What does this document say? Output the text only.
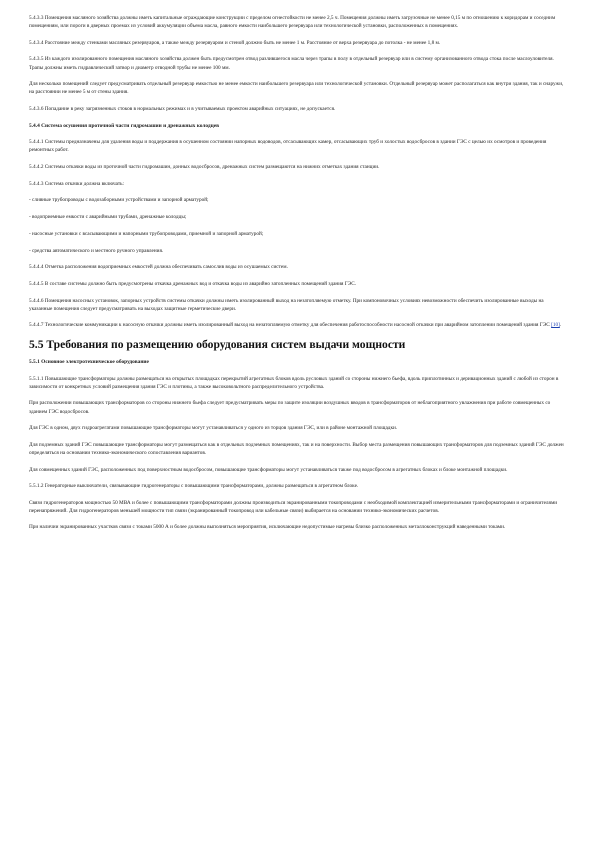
5.4.3.3 Помещения масляного хозяйства должны иметь капитальные ограждающие конструкции с пределом огнестойкости не менее 2,5 ч. Помещения должны иметь загрузочные не менее 0,15 м по отношению к коридорам и соседним помещениям, или пороги в дверных проемах из условий аккумуляции объема масла, равного емкости наибольшего резервуара или технологической установки, расположенных в помещениях.

5.4.3.4 Расстояние между стенками масляных резервуаров, а также между резервуаром и стеной должно быть не менее 1 м. Расстояние от верха резервуара до потолка - не менее 1,8 м.

5.4.3.5 Из каждого изолированного помещения масляного хозяйства должен быть предусмотрен отвод разлившегося масла через трапы в полу в отдельный резервуар или в систему организованного отвода стока после маслоуловителя. Трапы должны иметь гидравлический затвор и диаметр отводной трубы не менее 100 мм.

Для несколько помещений следует предусматривать отдельный резервуар емкостью не менее емкости наибольшего резервуара или технологической установки. Отдельный резервуар может располагаться как внутри здания, так и снаружи, на расстоянии не менее 5 м от стены здания.

5.4.3.6 Попадание в реку загрязненных стоков в нормальных режимах и в учитываемых проектом аварийных ситуациях, не допускается.

5.4.4 Система осушения проточной части гидромашин и дренажных колодцев

5.4.4.1 Системы предназначены для удаления воды и поддержания в осушенном состоянии напорных водоводов, отсасывающих камер, отсасывающих труб и холостых водосбросов в здании ГЭС с целью их осмотров и проведения ремонтных работ.

5.4.4.2 Системы откачки воды из проточной части гидромашин, донных водосбросов, дренажных систем размещаются на нижних отметках здания станции.

5.4.4.3 Система откачки должна включать:

- сливные трубопроводы с водозаборными устройствами и запорной арматурой;

- водоприемные емкости с аварийными трубами, дренажные колодцы;

- насосные установки с всасывающими и напорными трубопроводами, приемной и запорной арматурой;

- средства автоматического и местного ручного управления.

5.4.4.4 Отметка расположения водоприемных емкостей должна обеспечивать самослив воды из осушаемых систем.

5.4.4.5 В составе системы должно быть предусмотрены откачка дренажных вод и откачка воды из аварийно затопленных помещений здания ГЭС.

5.4.4.6 Помещения насосных установок, запорных устройств системы откачки должны иметь изолированный выход на незатопляемую отметку. При компоновочных условиях невозможности обеспечить изолированные выходы на указанные помещения следует предусматривать на выходах защитные герметические двери.

5.4.4.7 Технологические коммуникации к насосную откачки должны иметь изолированный выход на незатопляемую отметку для обеспечения работоспособности насосной откачки при аварийном затоплении помещений здания ГЭС [10].

5.5 Требования по размещению оборудования систем выдачи мощности

5.5.1 Основное электротехническое оборудование

5.5.1.1 Повышающие трансформаторы должны размещаться на открытых площадках перекрытий агрегатных блоков вдоль русловых зданий со стороны нижнего бьефа, вдоль приплотинных и деривационных зданий с любой из сторон в зависимости от конкретных условий размещения здания ГЭС и плотины, а также высоковольтного распределительного устройства.

При расположении повышающих трансформаторов со стороны нижнего бьефа следует предусматривать меры по защите изоляции воздушных вводов в трансформаторов от неблагоприятного увлажнения при работе совмещенных со зданием ГЭС водосбросов.

Для ГЭС в одном, двух гидроагрегатами повышающие трансформаторы могут устанавливаться у одного из торцов здания ГЭС, или в районе монтажной площадки.

Для подземных зданий ГЭС повышающие трансформаторы могут размещаться как в отдельных подземных помещениях, так и на поверхности. Выбор места размещения повышающих трансформаторов для подземных зданий ГЭС должен определяться на основании технико-экономического сопоставления вариантов.

Для совмещенных зданий ГЭС, расположенных под поверхностным водосбросом, повышающие трансформаторы могут устанавливаться также под водосбросом в агрегатных блоках и блоке монтажной площадки.

5.5.1.2 Генераторные выключатели, связывающие гидрогенераторы с повышающими трансформаторами, должны размещаться в агрегатном блоке.

Связи гидрогенераторов мощностью 50 МВА и более с повышающими трансформаторами должны производиться экранированными токопроводами с необходимой комплектацией измерительными трансформаторами и ограничителями перенапряжений. Для гидрогенераторов меньшей мощности тип связи (экранированный токопровод или кабельные связи) выбирается на основании технико-экономических расчетов.

При наличии экранированных участков связи с токами 5000 А и более должны выполняться мероприятия, исключающие недопустимые нагревы близко расположенных металлоконструкций наведенными токами.
